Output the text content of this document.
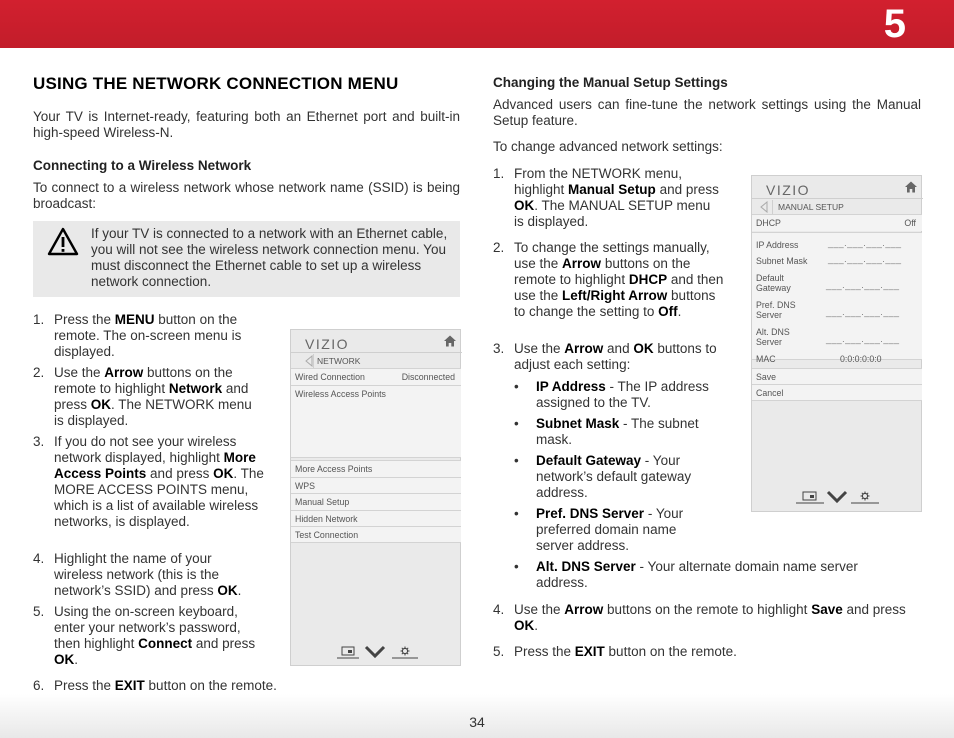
5
34
USING THE NETWORK CONNECTION MENU

Your TV is Internet-ready, featuring both an Ethernet port and built-in high-speed Wireless-N.

Connecting to a Wireless Network

To connect to a wireless network whose network name (SSID) is being broadcast:

If your TV is connected to a network with an Ethernet cable, you will not see the wireless network connection menu. You must disconnect the Ethernet cable to set up a wireless network connection.
1. Press the MENU button on the remote. The on-screen menu is displayed.
2. Use the Arrow buttons on the remote to highlight Network and press OK. The NETWORK menu is displayed.
3. If you do not see your wireless network displayed, highlight More Access Points and press OK. The MORE ACCESS POINTS menu, which is a list of available wireless networks, is displayed.
4. Highlight the name of your wireless network (this is the network’s SSID) and press OK.
5. Using the on-screen keyboard, enter your network’s password, then highlight Connect and press OK.
6. Press the EXIT button on the remote.
VIZIO
NETWORK
Wired Connection	Disconnected
Wireless Access Points
More Access Points
WPS
Manual Setup
Hidden Network
Test Connection
Changing the Manual Setup Settings

Advanced users can fine-tune the network settings using the Manual Setup feature.

To change advanced network settings:

1. From the NETWORK menu, highlight Manual Setup and press OK. The MANUAL SETUP menu is displayed.
2. To change the settings manually, use the Arrow buttons on the remote to highlight DHCP and then use the Left/Right Arrow buttons to change the setting to Off.
3. Use the Arrow and OK buttons to adjust each setting:
• IP Address - The IP address assigned to the TV.
• Subnet Mask - The subnet mask.
• Default Gateway - Your network’s default gateway address.
• Pref. DNS Server - Your preferred domain name server address.
• Alt. DNS Server - Your alternate domain name server address.
4. Use the Arrow buttons on the remote to highlight Save and press OK.
5. Press the EXIT button on the remote.
VIZIO
MANUAL SETUP
DHCP	Off
IP Address	___.___.___.___
Subnet Mask ___.___.___.___
Default
Gateway	___.___.___.___
Pref. DNS
Server	___.___.___.___
Alt. DNS
Server	___.___.___.___
MAC	0:0:0:0:0:0
Save
Cancel
